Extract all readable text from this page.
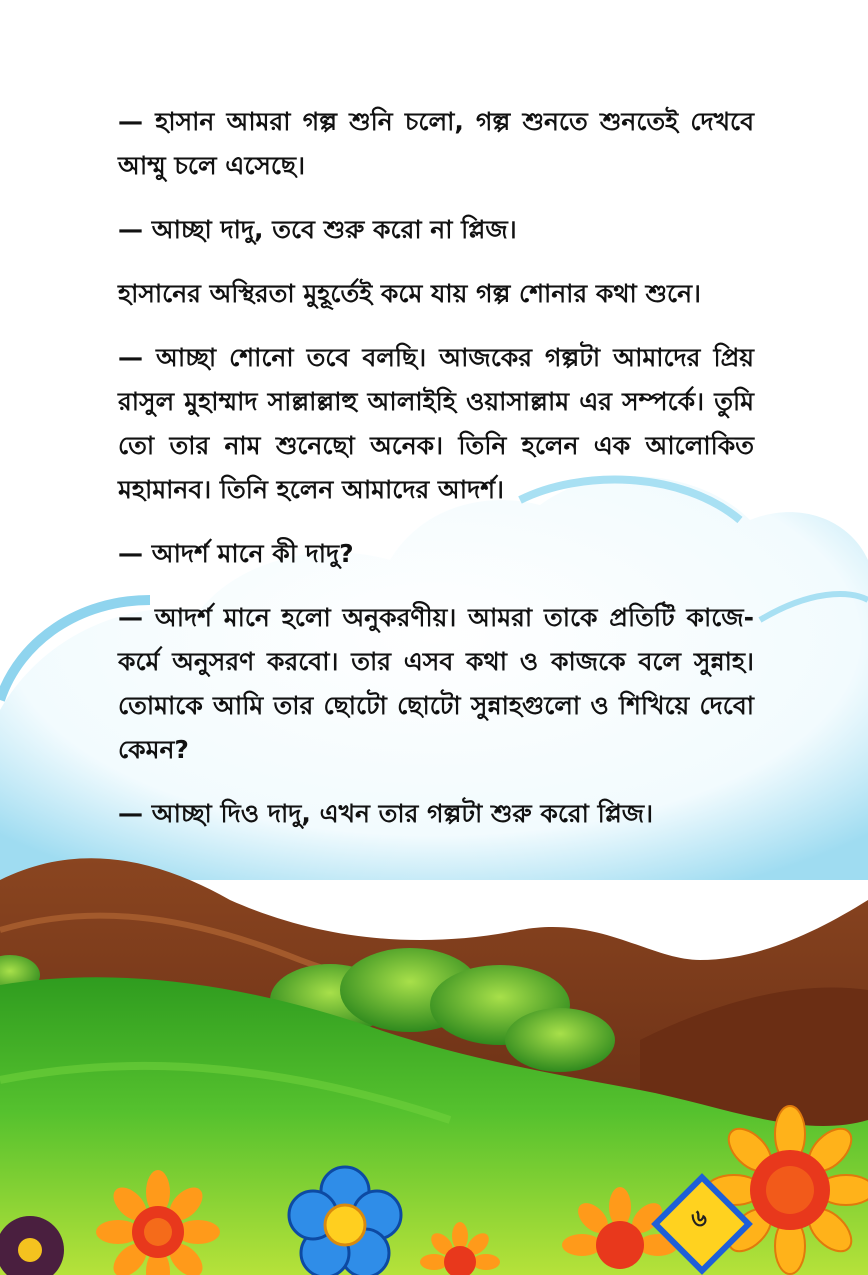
— হাসান আমরা গল্প শুনি চলো, গল্প শুনতে শুনতেই দেখবে আম্মু চলে এসেছে।

— আচ্ছা দাদু, তবে শুরু করো না প্লিজ।

হাসানের অস্থিরতা মুহূর্তেই কমে যায় গল্প শোনার কথা শুনে।

— আচ্ছা শোনো তবে বলছি। আজকের গল্পটা আমাদের প্রিয় রাসুল মুহাম্মাদ সাল্লাল্লাহু আলাইহি ওয়াসাল্লাম এর সম্পর্কে। তুমি তো তার নাম শুনেছো অনেক। তিনি হলেন এক আলোকিত মহামানব। তিনি হলেন আমাদের আদর্শ।

— আদর্শ মানে কী দাদু?

— আদর্শ মানে হলো অনুকরণীয়। আমরা তাকে প্রতিটি কাজে-কর্মে অনুসরণ করবো। তার এসব কথা ও কাজকে বলে সুন্নাহ। তোমাকে আমি তার ছোটো ছোটো সুন্নাহগুলো ও শিখিয়ে দেবো কেমন?

— আচ্ছা দিও দাদু, এখন তার গল্পটা শুরু করো প্লিজ।

৬
